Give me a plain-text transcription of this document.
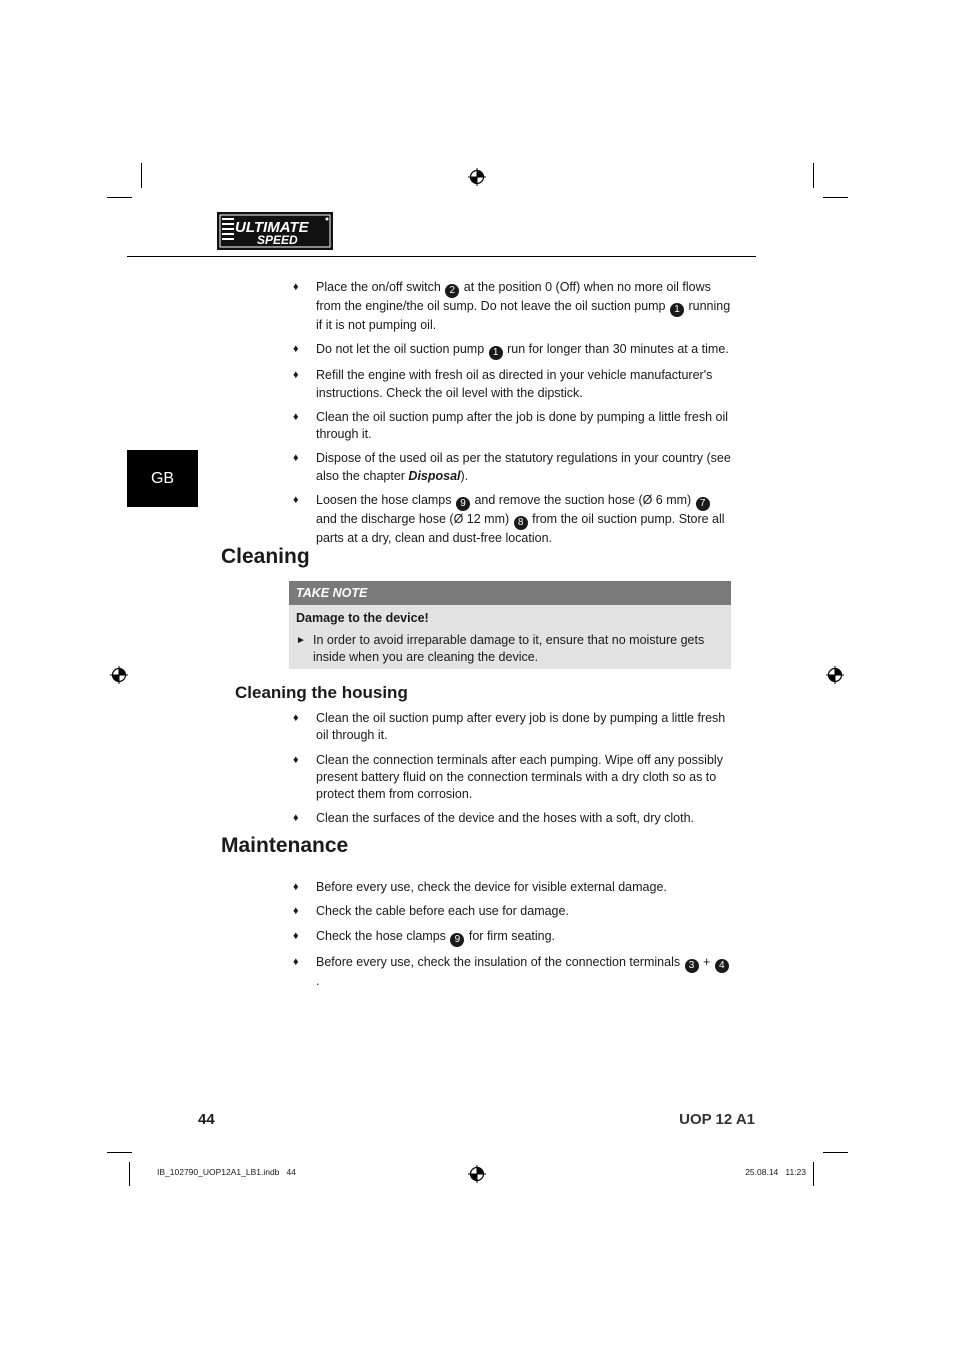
ULTIMATE
SPEED
GB
♦ Place the on/off switch 2 at the position 0 (Off) when no more oil flows from the engine/the oil sump. Do not leave the oil suction pump 1 running if it is not pumping oil.
♦ Do not let the oil suction pump 1 run for longer than 30 minutes at a time.
♦ Refill the engine with fresh oil as directed in your vehicle manufacturer's instructions. Check the oil level with the dipstick.
♦ Clean the oil suction pump after the job is done by pumping a little fresh oil through it.
♦ Dispose of the used oil as per the statutory regulations in your country (see also the chapter Disposal).
♦ Loosen the hose clamps 9 and remove the suction hose (Ø 6 mm) 7 and the discharge hose (Ø 12 mm) 8 from the oil suction pump. Store all parts at a dry, clean and dust-free location.
Cleaning
TAKE NOTE
Damage to the device!
► In order to avoid irreparable damage to it, ensure that no moisture gets inside when you are cleaning the device.
Cleaning the housing
♦ Clean the oil suction pump after every job is done by pumping a little fresh oil through it.
♦ Clean the connection terminals after each pumping. Wipe off any possibly present battery fluid on the connection terminals with a dry cloth so as to protect them from corrosion.
♦ Clean the surfaces of the device and the hoses with a soft, dry cloth.
Maintenance
♦ Before every use, check the device for visible external damage.
♦ Check the cable before each use for damage.
♦ Check the hose clamps 9 for firm seating.
♦ Before every use, check the insulation of the connection terminals 3 + 4.
44	UOP 12 A1
IB_102790_UOP12A1_LB1.indb   44	25.08.14   11:23
